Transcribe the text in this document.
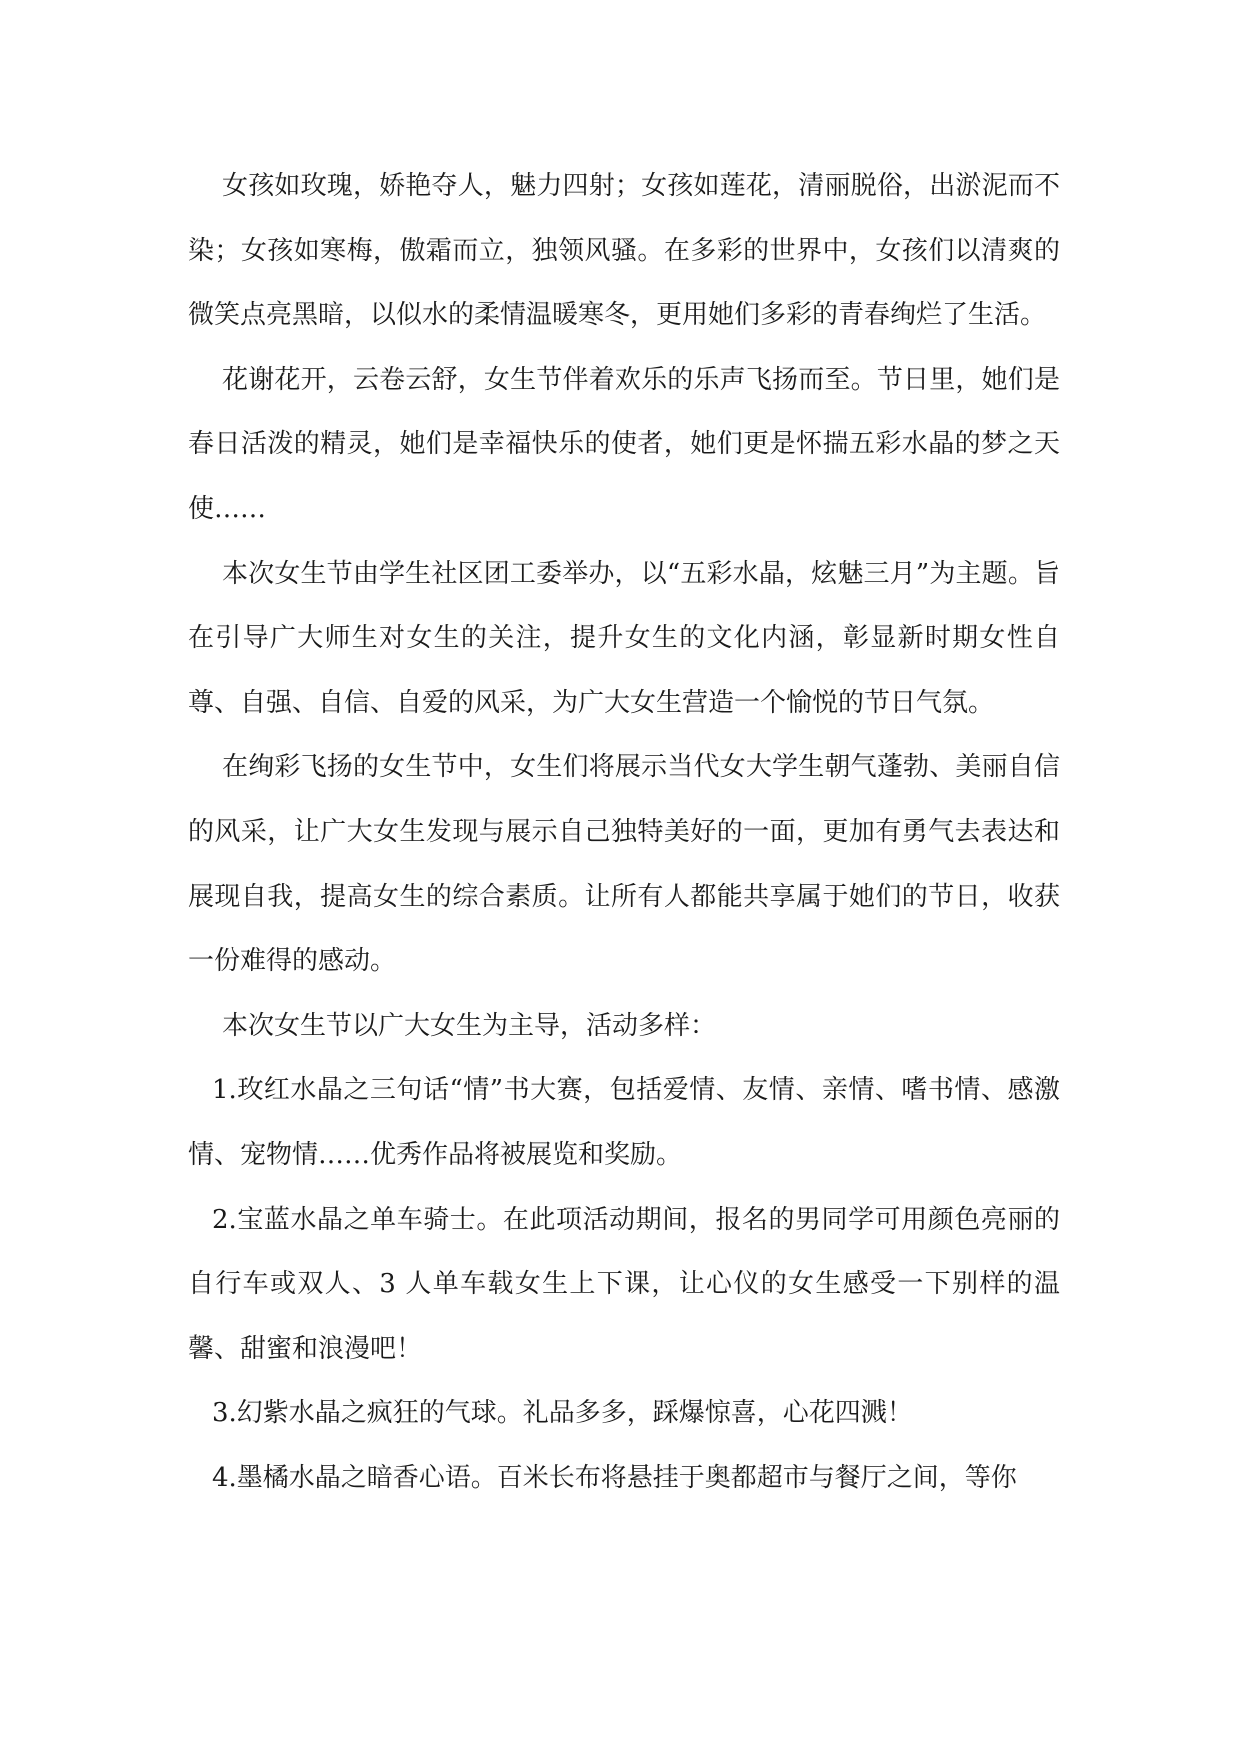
女孩如玫瑰，娇艳夺人，魅力四射；女孩如莲花，清丽脱俗，出淤泥而不染；女孩如寒梅，傲霜而立，独领风骚。在多彩的世界中，女孩们以清爽的微笑点亮黑暗，以似水的柔情温暖寒冬，更用她们多彩的青春绚烂了生活。

花谢花开，云卷云舒，女生节伴着欢乐的乐声飞扬而至。节日里，她们是春日活泼的精灵，她们是幸福快乐的使者，她们更是怀揣五彩水晶的梦之天使……

本次女生节由学生社区团工委举办，以“五彩水晶，炫魅三月”为主题。旨在引导广大师生对女生的关注，提升女生的文化内涵，彰显新时期女性自尊、自强、自信、自爱的风采，为广大女生营造一个愉悦的节日气氛。

在绚彩飞扬的女生节中，女生们将展示当代女大学生朝气蓬勃、美丽自信的风采，让广大女生发现与展示自己独特美好的一面，更加有勇气去表达和展现自我，提高女生的综合素质。让所有人都能共享属于她们的节日，收获一份难得的感动。

本次女生节以广大女生为主导，活动多样：

1.玫红水晶之三句话“情”书大赛，包括爱情、友情、亲情、嗜书情、感激情、宠物情……优秀作品将被展览和奖励。

2.宝蓝水晶之单车骑士。在此项活动期间，报名的男同学可用颜色亮丽的自行车或双人、3 人单车载女生上下课，让心仪的女生感受一下别样的温馨、甜蜜和浪漫吧！

3.幻紫水晶之疯狂的气球。礼品多多，踩爆惊喜，心花四溅！

4.墨橘水晶之暗香心语。百米长布将悬挂于奥都超市与餐厅之间，等你
